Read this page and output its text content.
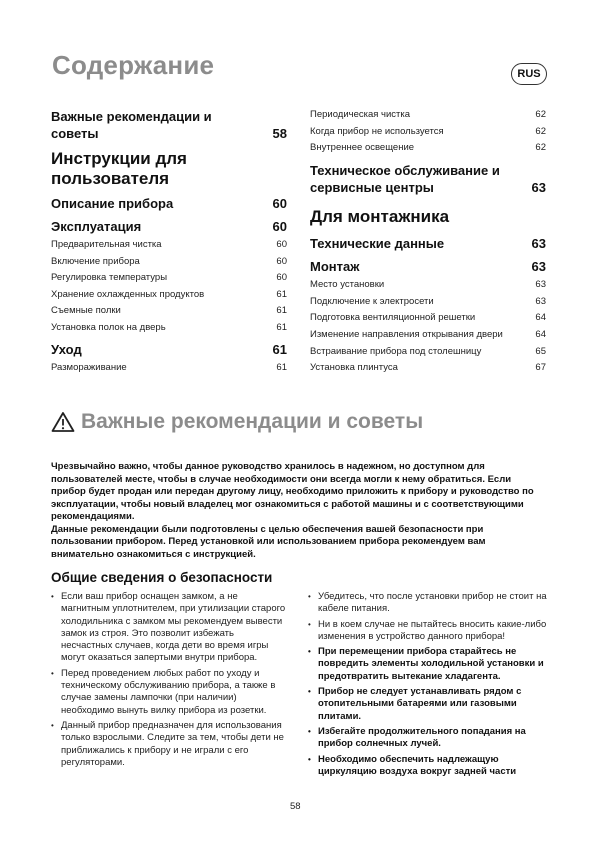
Содержание	RUS
Важные рекомендации и советы	58
Инструкции для пользователя
Описание прибора	60
Эксплуатация	60
Предварительная чистка	60
Включение прибора	60
Регулировка температуры	60
Хранение охлажденных продуктов	61
Съемные полки	61
Установка полок на дверь	61
Уход	61
Размораживание	61
Периодическая чистка	62
Когда прибор не используется	62
Внутреннее освещение	62
Техническое обслуживание и сервисные центры	63
Для монтажника
Технические данные	63
Монтаж	63
Место установки	63
Подключение к электросети	63
Подготовка вентиляционной решетки	64
Изменение направления открывания двери	64
Встраивание прибора под столешницу	65
Установка плинтуса	67
Важные рекомендации и советы

Чрезвычайно важно, чтобы данное руководство хранилось в надежном, но доступном для пользователей месте, чтобы в случае необходимости они всегда могли к нему обратиться. Если прибор будет продан или передан другому лицу, необходимо приложить к прибору и руководство по эксплуатации, чтобы новый владелец мог ознакомиться с работой машины и с соответствующими рекомендациями.

Данные рекомендации были подготовлены с целью обеспечения вашей безопасности при пользовании прибором. Перед установкой или использованием прибора рекомендуем вам внимательно ознакомиться с инструкцией.

Общие сведения о безопасности
• Если ваш прибор оснащен замком, а не магнитным уплотнителем, при утилизации старого холодильника с замком мы рекомендуем вывести замок из строя. Это позволит избежать несчастных случаев, когда дети во время игры могут оказаться запертыми внутри прибора.
• Перед проведением любых работ по уходу и техническому обслуживанию прибора, а также в случае замены лампочки (при наличии) необходимо вынуть вилку прибора из розетки.
• Данный прибор предназначен для использования только взрослыми. Следите за тем, чтобы дети не приближались к прибору и не играли с его регуляторами.
• Убедитесь, что после установки прибор не стоит на кабеле питания.
• Ни в коем случае не пытайтесь вносить какие-либо изменения в устройство данного прибора!
• При перемещении прибора старайтесь не повредить элементы холодильной установки и предотвратить вытекание хладагента.
• Прибор не следует устанавливать рядом с отопительными батареями или газовыми плитами.
• Избегайте продолжительного попадания на прибор солнечных лучей.
• Необходимо обеспечить надлежащую циркуляцию воздуха вокруг задней части
58
